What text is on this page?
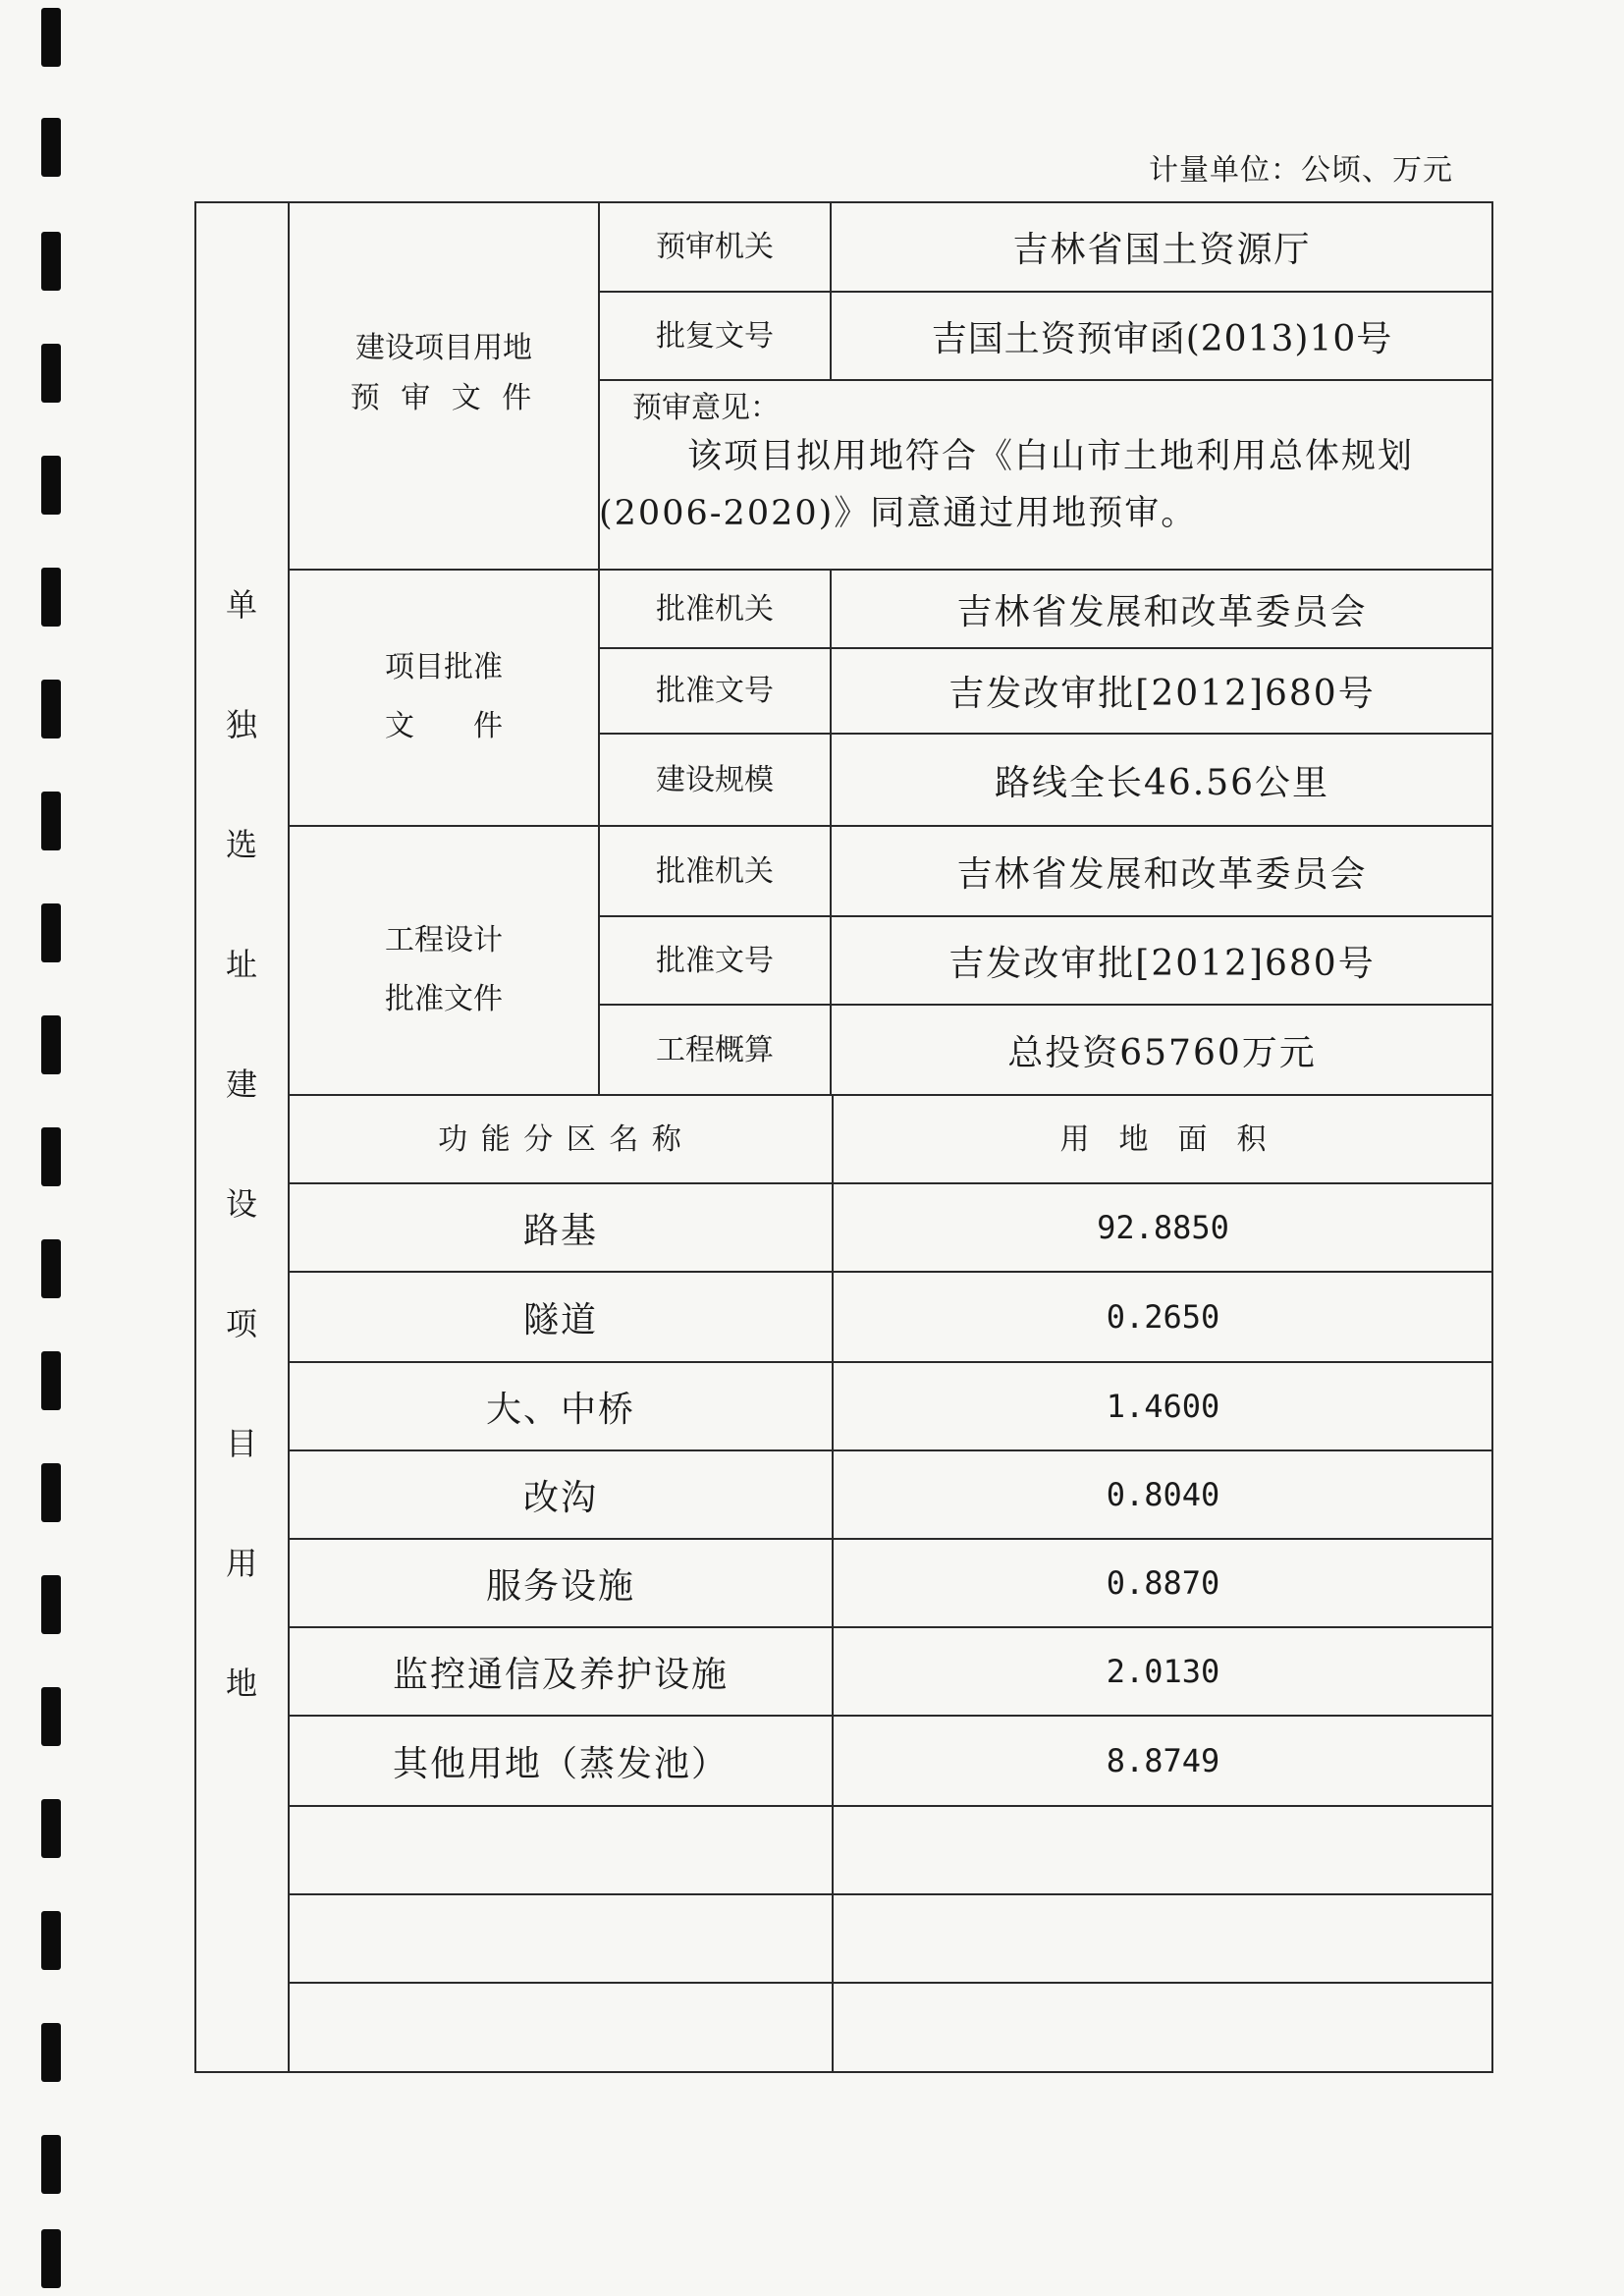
计量单位：公顷、万元
单
独
选
址
建
设
项
目
用
地
建设项目用地
预 审 文 件
预审机关	吉林省国土资源厅
批复文号	吉国土资预审函(2013)10号
预审意见：
该项目拟用地符合《白山市土地利用总体规划(2006-2020)》同意通过用地预审。
项目批准
文　　件
批准机关	吉林省发展和改革委员会
批准文号	吉发改审批[2012]680号
建设规模	路线全长46.56公里
工程设计
批准文件
批准机关	吉林省发展和改革委员会
批准文号	吉发改审批[2012]680号
工程概算	总投资65760万元
功 能 分 区 名 称	用　地　面　积
路基	92.8850
隧道	0.2650
大、中桥	1.4600
改沟	0.8040
服务设施	0.8870
监控通信及养护设施	2.0130
其他用地（蒸发池）	8.8749
